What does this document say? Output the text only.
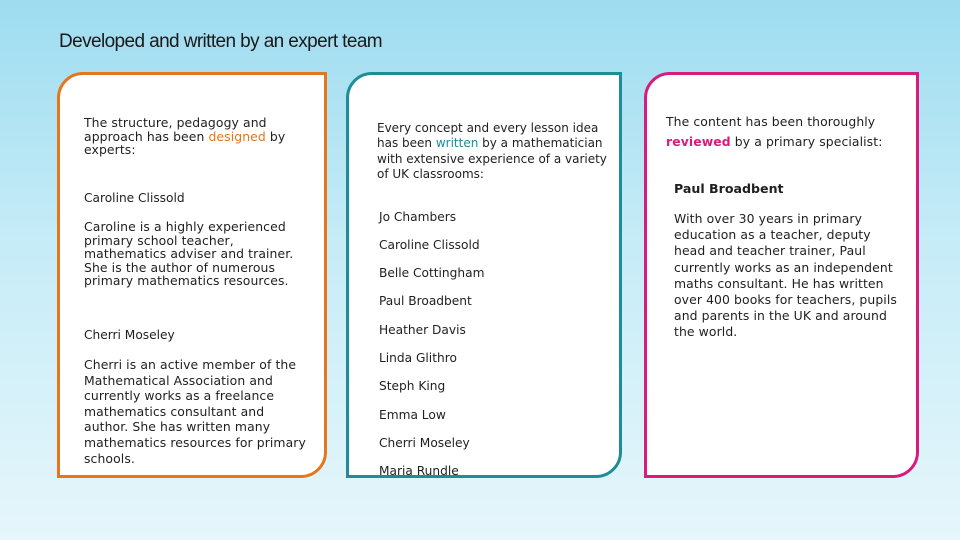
Developed and written by an expert team
The structure, pedagogy and approach has been designed by experts:
Caroline Clissold
Caroline is a highly experienced primary school teacher, mathematics adviser and trainer. She is the author of numerous primary mathematics resources.
Cherri Moseley
Cherri is an active member of the Mathematical Association and currently works as a freelance mathematics consultant and author. She has written many mathematics resources for primary schools.
Every concept and every lesson idea has been written by a mathematician with extensive experience of a variety of UK classrooms:
Jo Chambers
Caroline Clissold
Belle Cottingham
Paul Broadbent
Heather Davis
Linda Glithro
Steph King
Emma Low
Cherri Moseley
Maria Rundle
The content has been thoroughly reviewed by a primary specialist:
Paul Broadbent
With over 30 years in primary education as a teacher, deputy head and teacher trainer, Paul currently works as an independent maths consultant. He has written over 400 books for teachers, pupils and parents in the UK and around the world.
